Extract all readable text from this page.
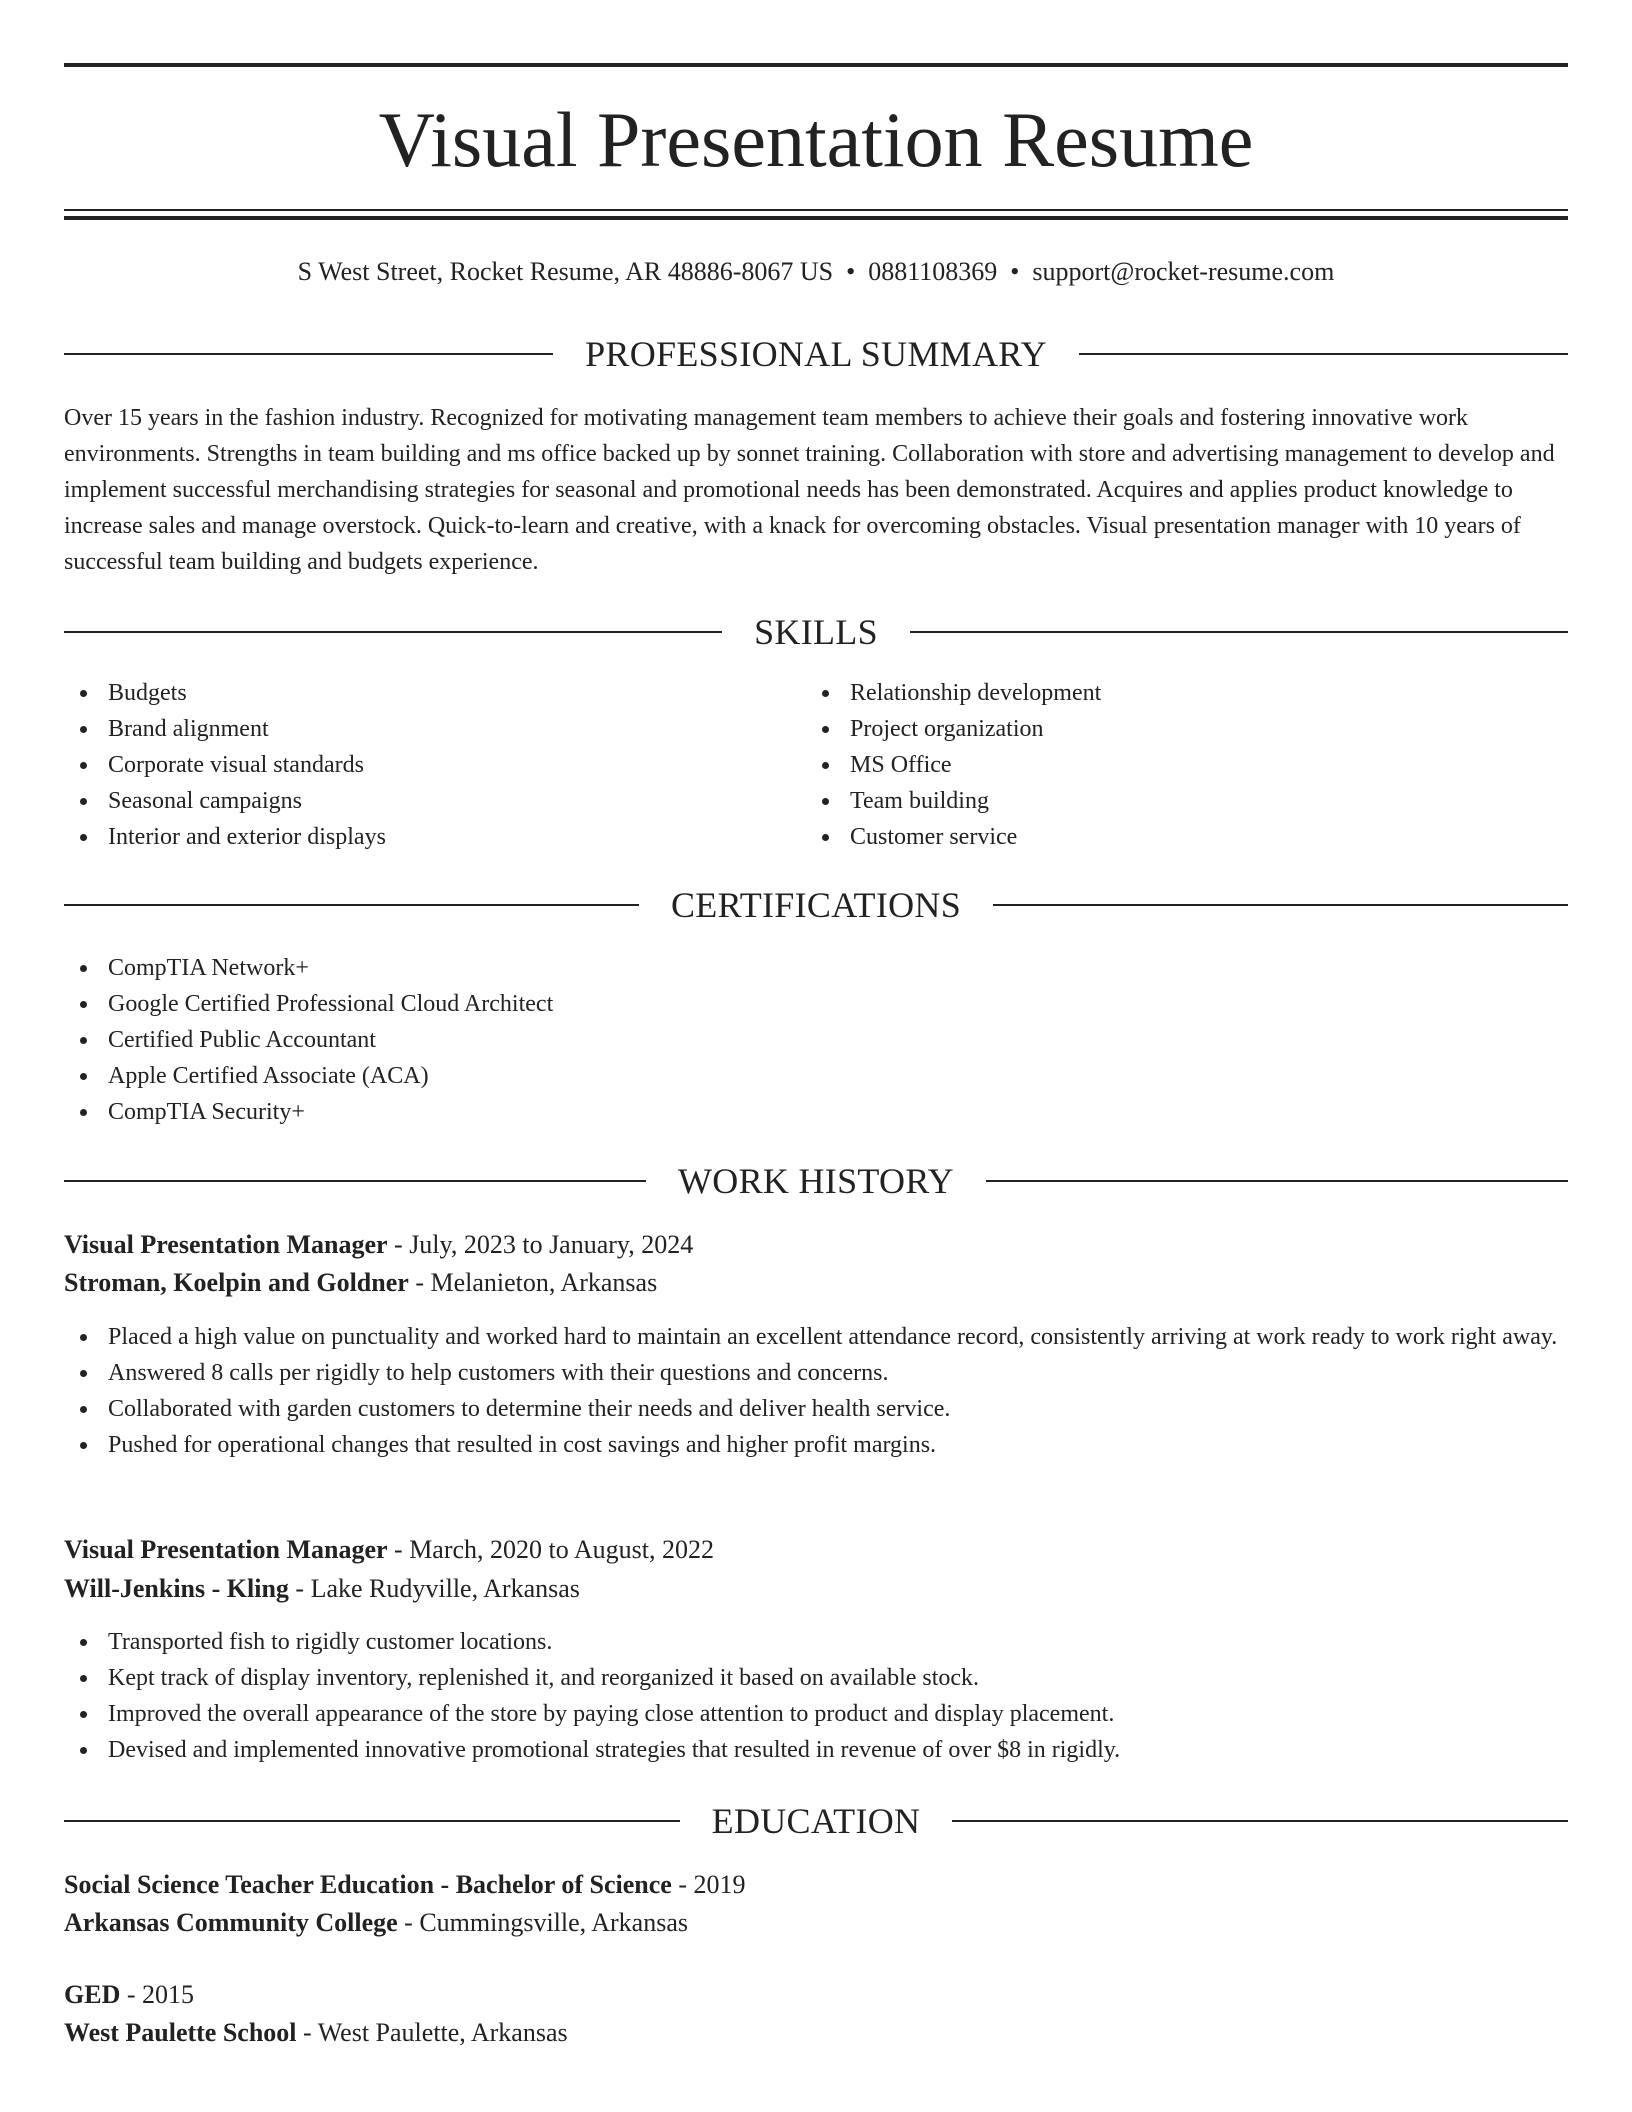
Visual Presentation Resume
S West Street, Rocket Resume, AR 48886-8067 US • 0881108369 • support@rocket-resume.com
PROFESSIONAL SUMMARY

Over 15 years in the fashion industry. Recognized for motivating management team members to achieve their goals and fostering innovative work environments. Strengths in team building and ms office backed up by sonnet training. Collaboration with store and advertising management to develop and implement successful merchandising strategies for seasonal and promotional needs has been demonstrated. Acquires and applies product knowledge to increase sales and manage overstock. Quick-to-learn and creative, with a knack for overcoming obstacles. Visual presentation manager with 10 years of successful team building and budgets experience.

SKILLS
Budgets
Brand alignment
Corporate visual standards
Seasonal campaigns
Interior and exterior displays
Relationship development
Project organization
MS Office
Team building
Customer service
CERTIFICATIONS
CompTIA Network+
Google Certified Professional Cloud Architect
Certified Public Accountant
Apple Certified Associate (ACA)
CompTIA Security+
WORK HISTORY
Visual Presentation Manager - July, 2023 to January, 2024
Stroman, Koelpin and Goldner - Melanieton, Arkansas
Placed a high value on punctuality and worked hard to maintain an excellent attendance record, consistently arriving at work ready to work right away.
Answered 8 calls per rigidly to help customers with their questions and concerns.
Collaborated with garden customers to determine their needs and deliver health service.
Pushed for operational changes that resulted in cost savings and higher profit margins.
Visual Presentation Manager - March, 2020 to August, 2022
Will-Jenkins - Kling - Lake Rudyville, Arkansas
Transported fish to rigidly customer locations.
Kept track of display inventory, replenished it, and reorganized it based on available stock.
Improved the overall appearance of the store by paying close attention to product and display placement.
Devised and implemented innovative promotional strategies that resulted in revenue of over $8 in rigidly.
EDUCATION
Social Science Teacher Education - Bachelor of Science - 2019
Arkansas Community College - Cummingsville, Arkansas
GED - 2015
West Paulette School - West Paulette, Arkansas
